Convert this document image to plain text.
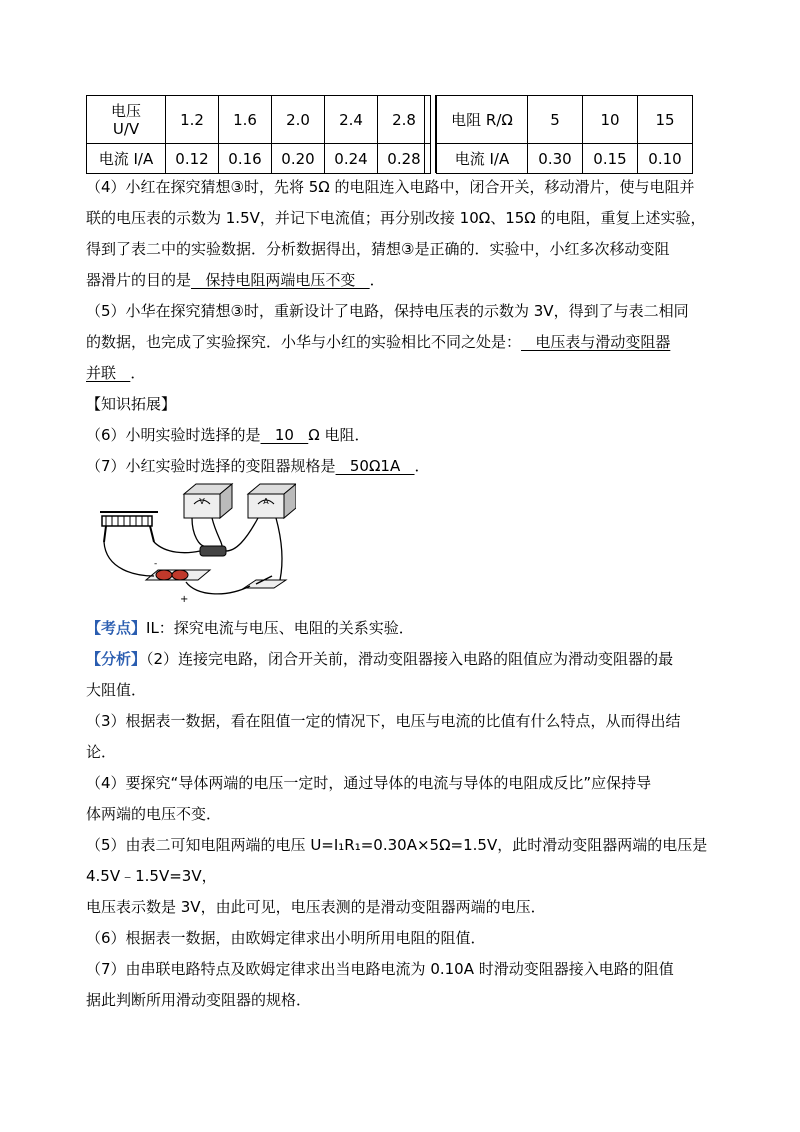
电压
U/V	1.2	1.6	2.0	2.4	2.8
电流 I/A	0.12	0.16	0.20	0.24	0.28
电阻 R/Ω	5	10	15
电流 I/A	0.30	0.15	0.10
（4）小红在探究猜想③时，先将 5Ω 的电阻连入电路中，闭合开关，移动滑片，使与电阻并
联的电压表的示数为 1.5V，并记下电流值；再分别改接 10Ω、15Ω 的电阻，重复上述实验，
得到了表二中的实验数据．分析数据得出，猜想③是正确的．实验中，小红多次移动变阻
器滑片的目的是   保持电阻两端电压不变   ．
（5）小华在探究猜想③时，重新设计了电路，保持电压表的示数为 3V，得到了与表二相同
的数据，也完成了实验探究．小华与小红的实验相比不同之处是：   电压表与滑动变阻器
并联   ．
【知识拓展】
（6）小明实验时选择的是   10   Ω 电阻．
（7）小红实验时选择的变阻器规格是   50Ω1A   ．
V	A
-
+
【考点】IL：探究电流与电压、电阻的关系实验．
【分析】（2）连接完电路，闭合开关前，滑动变阻器接入电路的阻值应为滑动变阻器的最
大阻值．
（3）根据表一数据，看在阻值一定的情况下，电压与电流的比值有什么特点，从而得出结
论．
（4）要探究“导体两端的电压一定时，通过导体的电流与导体的电阻成反比”应保持导
体两端的电压不变．
（5）由表二可知电阻两端的电压 U=I₁R₁=0.30A×5Ω=1.5V，此时滑动变阻器两端的电压是
4.5V﹣1.5V=3V，
电压表示数是 3V，由此可见，电压表测的是滑动变阻器两端的电压．
（6）根据表一数据，由欧姆定律求出小明所用电阻的阻值．
（7）由串联电路特点及欧姆定律求出当电路电流为 0.10A 时滑动变阻器接入电路的阻值
据此判断所用滑动变阻器的规格．
